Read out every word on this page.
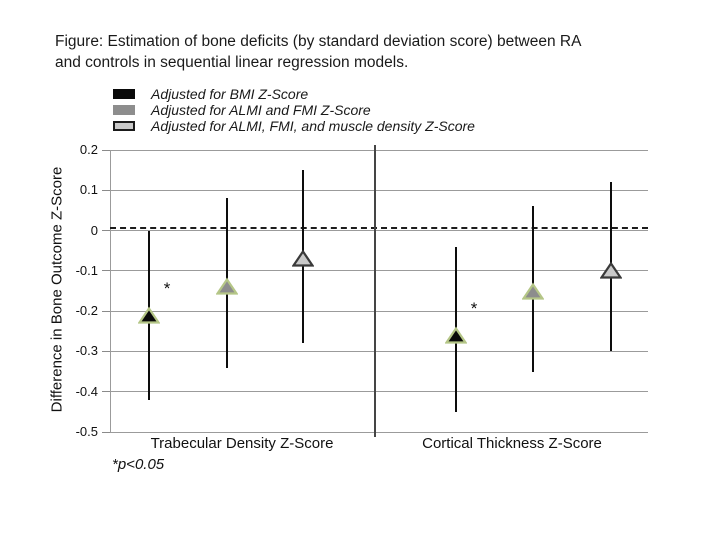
Figure: Estimation of bone deficits (by standard deviation score) between RA
and controls in sequential linear regression models.
Adjusted for BMI Z-Score
Adjusted for ALMI and FMI Z-Score
Adjusted for ALMI, FMI, and muscle density Z-Score
Difference in Bone Outcome Z-Score
0.2
0.1
0
-0.1
-0.2
-0.3
-0.4
-0.5
*
*
Trabecular Density Z-Score	Cortical Thickness Z-Score
*p<0.05
